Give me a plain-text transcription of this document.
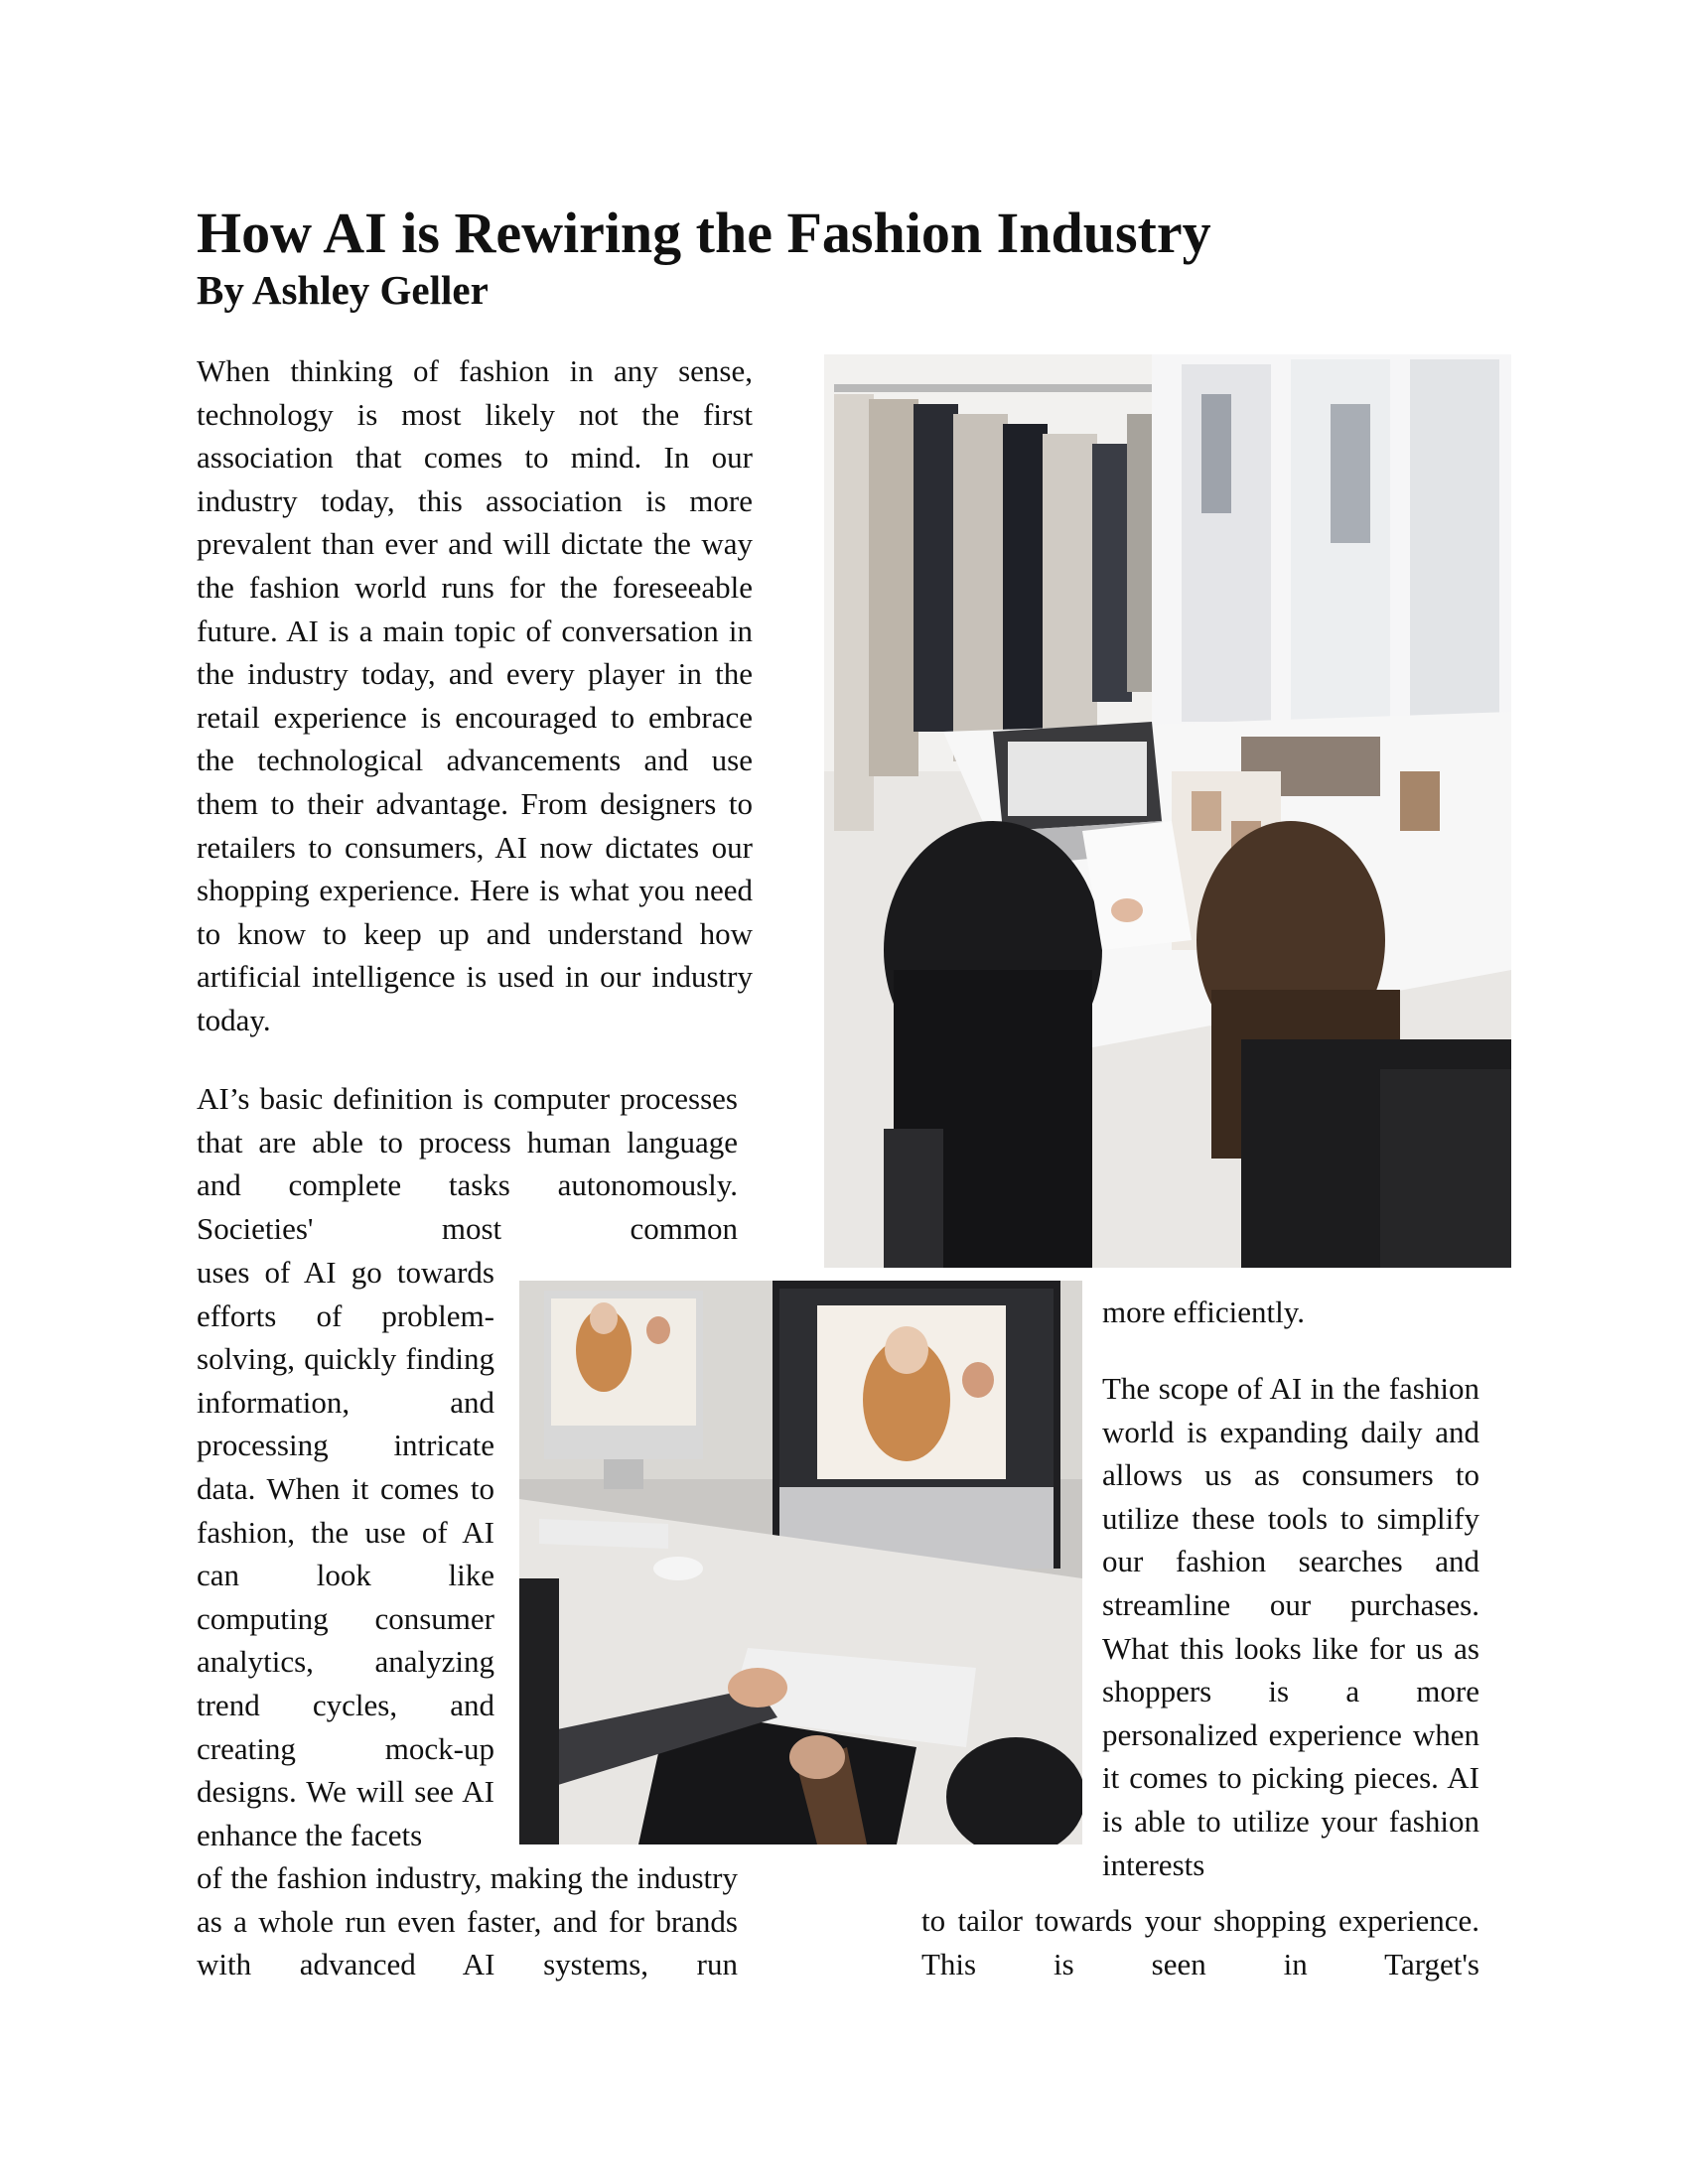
How AI is Rewiring the Fashion Industry
By Ashley Geller

When thinking of fashion in any sense, technology is most likely not the first association that comes to mind. In our industry today, this association is more prevalent than ever and will dictate the way the fashion world runs for the foreseeable future. AI is a main topic of conversation in the industry today, and every player in the retail experience is encouraged to embrace the technological advancements and use them to their advantage. From designers to retailers to consumers, AI now dictates our shopping experience. Here is what you need to know to keep up and understand how artificial intelligence is used in our industry today.

AI’s basic definition is computer processes that are able to process human language and complete tasks autonomously. Societies' most common

uses of AI go towards efforts of problem-solving, quickly finding information, and processing intricate data. When it comes to fashion, the use of AI can look like computing consumer analytics, analyzing trend cycles, and creating mock-up designs. We will see AI enhance the facets

of the fashion industry, making the industry as a whole run even faster, and for brands with advanced AI systems, run

more efficiently.

The scope of AI in the fashion world is expanding daily and allows us as consumers to utilize these tools to simplify our fashion searches and streamline our purchases. What this looks like for us as shoppers is a more personalized experience when it comes to picking pieces. AI is able to utilize your fashion interests

to tailor towards your shopping experience. This is seen in Target's
